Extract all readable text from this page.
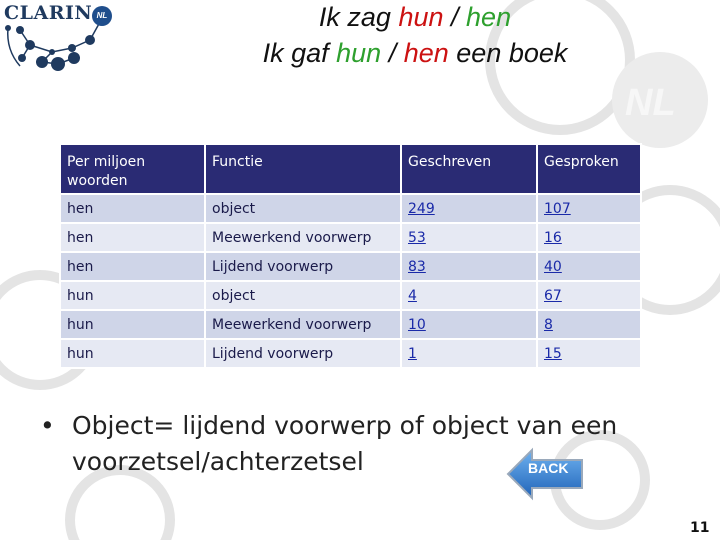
NL
CLARIN NL	Ik zag hun / hen
Ik gaf hun / hen een boek
Per miljoen woorden	Functie	Geschreven	Gesproken
hen	object	249	107
hen	Meewerkend voorwerp	53	16
hen	Lijdend voorwerp	83	40
hun	object	4	67
hun	Meewerkend voorwerp	10	8
hun	Lijdend voorwerp	1	15
• Object= lijdend voorwerp of object van een
voorzetsel/achterzetsel	BACK
11
